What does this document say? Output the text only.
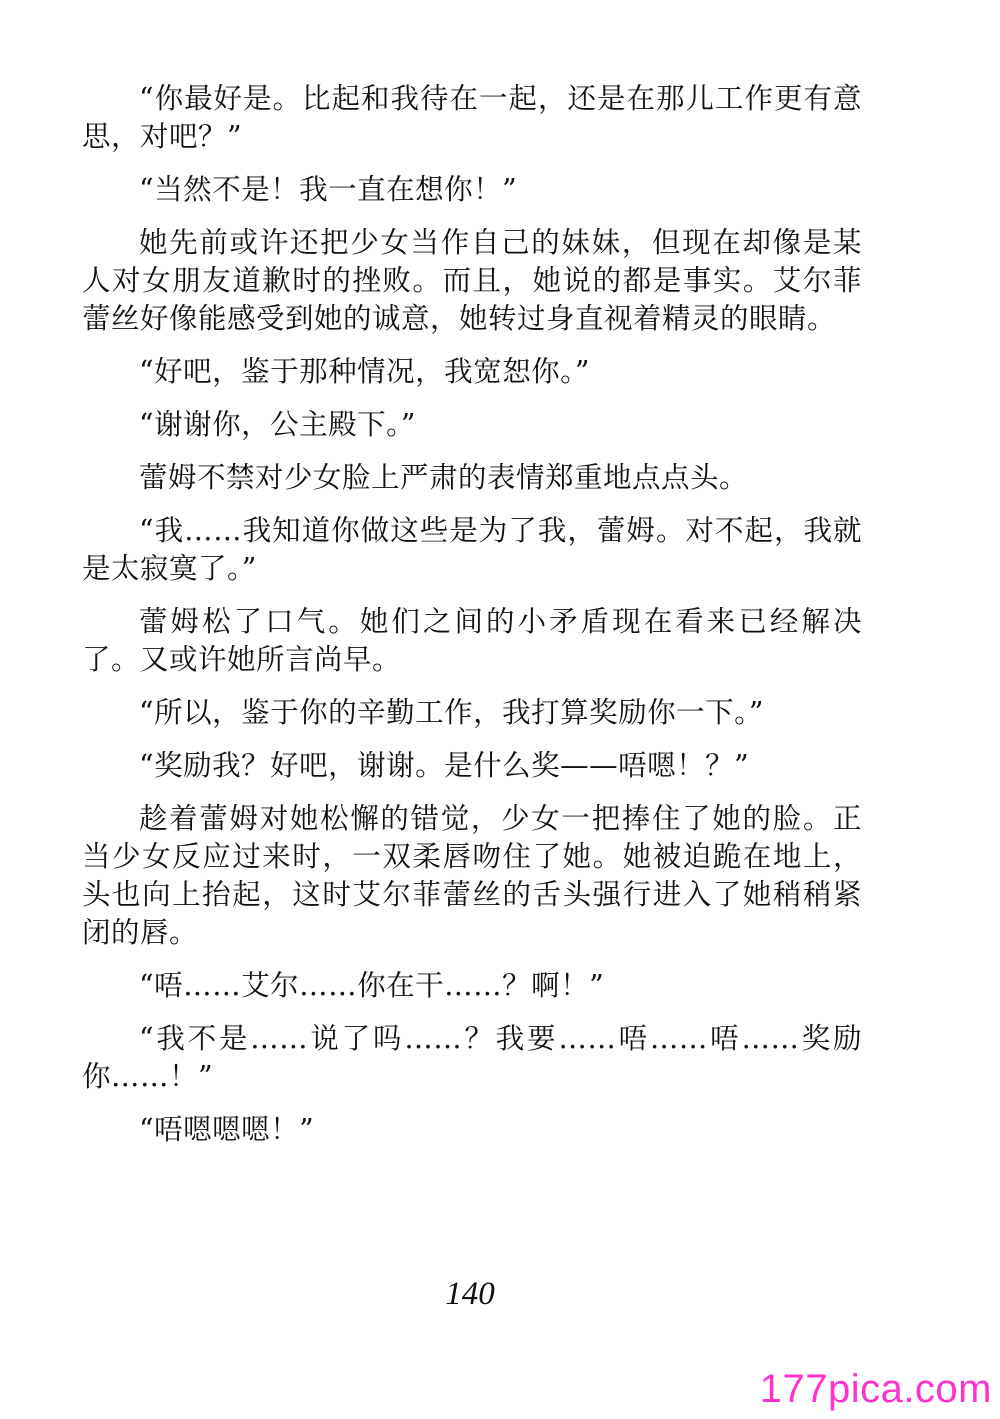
“你最好是。比起和我待在一起，还是在那儿工作更有意思，对吧？”

“当然不是！我一直在想你！”

她先前或许还把少女当作自己的妹妹，但现在却像是某人对女朋友道歉时的挫败。而且，她说的都是事实。艾尔菲蕾丝好像能感受到她的诚意，她转过身直视着精灵的眼睛。

“好吧，鉴于那种情况，我宽恕你。”

“谢谢你，公主殿下。”

蕾姆不禁对少女脸上严肃的表情郑重地点点头。

“我……我知道你做这些是为了我，蕾姆。对不起，我就是太寂寞了。”

蕾姆松了口气。她们之间的小矛盾现在看来已经解决了。又或许她所言尚早。

“所以，鉴于你的辛勤工作，我打算奖励你一下。”

“奖励我？好吧，谢谢。是什么奖——唔嗯！？”

趁着蕾姆对她松懈的错觉，少女一把捧住了她的脸。正当少女反应过来时，一双柔唇吻住了她。她被迫跪在地上，头也向上抬起，这时艾尔菲蕾丝的舌头强行进入了她稍稍紧闭的唇。

“唔……艾尔……你在干……？啊！”

“我不是……说了吗……？我要……唔……唔……奖励你……！”

“唔嗯嗯嗯！”

140
177pica.com
